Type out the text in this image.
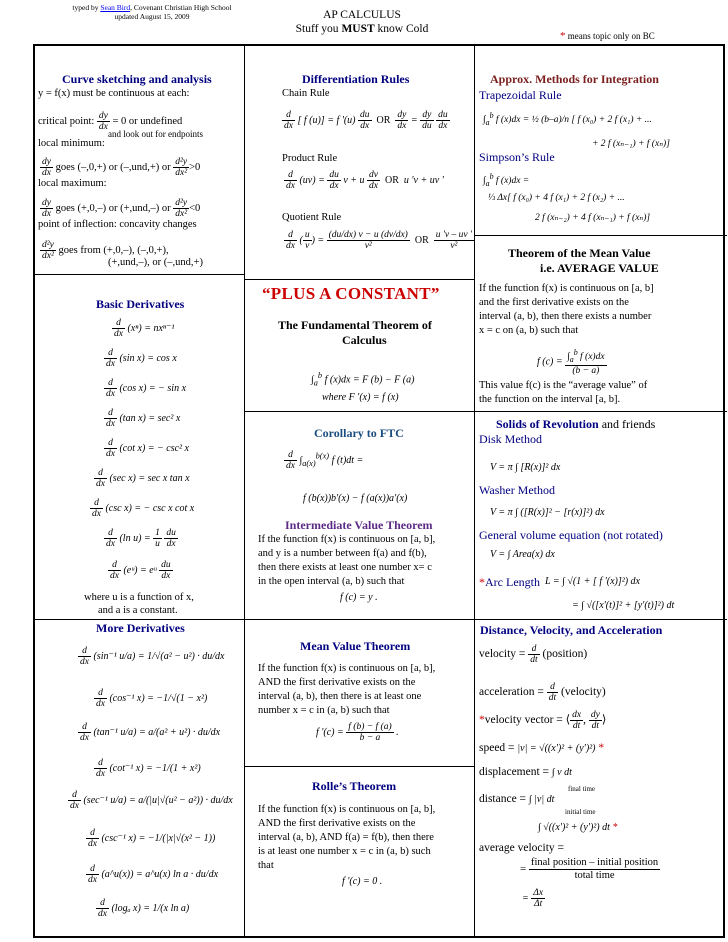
typed by Sean Bird, Covenant Christian High School
updated August 15, 2009	AP CALCULUS
Stuff you MUST know Cold
* means topic only on BC
Curve sketching and analysis
y = f(x) must be continuous at each:
critical point: $\frac{dy}{dx} = 0$ or undefined
and look out for endpoints
local minimum:
$\frac{dy}{dx}$ goes (–,0,+) or (–,und,+) or $\frac{\text{d²y}}{\text{dx²}} >0$
local maximum:
$\frac{dy}{dx}$ goes (+,0,–) or (+,und,–) or $\frac{\text{d²y}}{\text{dx²}} <0$
point of inflection: concavity changes
$\frac{\text{d²y}}{\text{dx²}}$ goes from (+,0,–), (–,0,+),
(+,und,–), or (–,und,+)
Differentiation Rules
Chain Rule
$\frac{d}{dx}$ [ f (u)] = f '$(u) \frac{du}{dx}$ OR $\frac{dy}{dx} = \frac{dy}{du}$
$\frac{du}{dx}$
Product Rule
$\frac{d}{dx} (uv) = \frac{du}{dx}$ v + u $\frac{dv}{dx}$ OR u 'v + uv '
Quotient Rule
$\frac{d}{dx}$ ( $\frac{u}{v}$ ) = $\frac{(du/dx) v - u (dv/dx)}{\text{v²}}$ OR $\frac{u 'v - uv '}{\text{v²}}$
Approx. Methods for Integration
Trapezoidal Rule
$\int_a^b$ f (x)dx = ½ (b–a)/n [ f (x₀) + 2 f (x₁) + ...
+ 2 f (xₙ₋₁) + f (xₙ)]
Simpson’s Rule
$\int_a^b$ f (x)dx =
⅓ Δx[ f (x₀) + 4 f (x₁) + 2 f (x₂) + ...
2 f (xₙ₋₂) + 4 f (xₙ₋₁) + f (xₙ)]
Basic Derivatives
$\frac{d}{dx} (x^n) = nx^{n-1}$
$\frac{d}{dx} (\sin$ x) = cos x
$\frac{d}{dx} (\cos$ x) = − sin x
$\frac{d}{dx} (\tan$ x) = sec² x
$\frac{d}{dx} (\cot$ x) = − csc² x
$\frac{d}{dx} (\sec$ x) = sec x tan x
$\frac{d}{dx} (\csc$ x) = − csc x cot x
$\frac{d}{dx} (\ln$ $u) = \frac{1}{u}$
$\frac{du}{dx}$
$\frac{d}{dx}$ (eᵘ) = eᵘ $\frac{du}{dx}$
where u is a function of x,
and a is a constant.
“PLUS A CONSTANT”
The Fundamental Theorem of
Calculus
$\int_a^b$ f (x)dx = F (b) − F (a)
where F '(x) = f (x)
Theorem of the Mean Value
i.e. AVERAGE VALUE
If the function f(x) is continuous on [a, b]
and the first derivative exists on the
interval (a, b), then there exists a number
x = c on (a, b) such that
f $(c) = \frac{\int_a^b f (x)dx}{(b - a)}$
This value f(c) is the “average value” of
the function on the interval [a, b].
Corollary to FTC
$\frac{d}{dx} \int_{a(x)}^{b(x)}$ f (t)dt =
f (b(x))b'(x) − f (a(x))a'(x)
Intermediate Value Theorem
If the function f(x) is continuous on [a, b],
and y is a number between f(a) and f(b),
then there exists at least one number x= c
in the open interval (a, b) such that
f (c) = y .
Solids of Revolution and friends
Disk Method
V = π ∫ [R(x)]² dx
Washer Method
V = π ∫ ([R(x)]² − [r(x)]²) dx
General volume equation (not rotated)
V = ∫ Area(x) dx
*Arc Length L = ∫ √(1 + [ f '(x)]²) dx
= ∫ √([x'(t)]² + [y'(t)]²) dt
More Derivatives
$\frac{d}{dx} (\sin^{-1}$ u/a) = 1/√(a² − u²) · du/dx
$\frac{d}{dx} (\cos^{-1}$ x) = −1/√(1 − x²)
$\frac{d}{dx} (\tan^{-1}$ u/a) = a/(a² + u²) · du/dx
$\frac{d}{dx} (\cot^{-1}$ x) = −1/(1 + x²)
$\frac{d}{dx} (\sec^{-1}$ u/a) = a/(|u|√(u² − a²)) · du/dx
$\frac{d}{dx} (\csc^{-1}$ x) = −1/(|x|√(x² − 1))
$\frac{d}{dx}$ (a^u(x)) = a^u(x) ln a · du/dx
$\frac{d}{dx} (\log_a$ x) = 1/(x ln a)
Mean Value Theorem
If the function f(x) is continuous on [a, b],
AND the first derivative exists on the
interval (a, b), then there is at least one
number x = c in (a, b) such that
f '$(c) = \frac{f (b) - f (a)}{b - a}$ .
Rolle’s Theorem
If the function f(x) is continuous on [a, b],
AND the first derivative exists on the
interval (a, b), AND f(a) = f(b), then there
is at least one number x = c in (a, b) such
that
f '(c) = 0 .
Distance, Velocity, and Acceleration
velocity = $\frac{d}{dt}$ (position)
acceleration = $\frac{d}{dt}$ (velocity)
*velocity vector = ⟨ $\frac{dx}{dt}$ , $\frac{dy}{dt}$ ⟩
speed = |v| = √((x')² + (y')²) *
displacement = ∫ v dt
final time
distance = ∫ |v| dt
initial time
∫ √((x')² + (y')²) dt *
average velocity =
= $\frac{\text{final position – initial position}}{\text{total time}}$
= $\frac{\Delta x}{\Delta t}$
